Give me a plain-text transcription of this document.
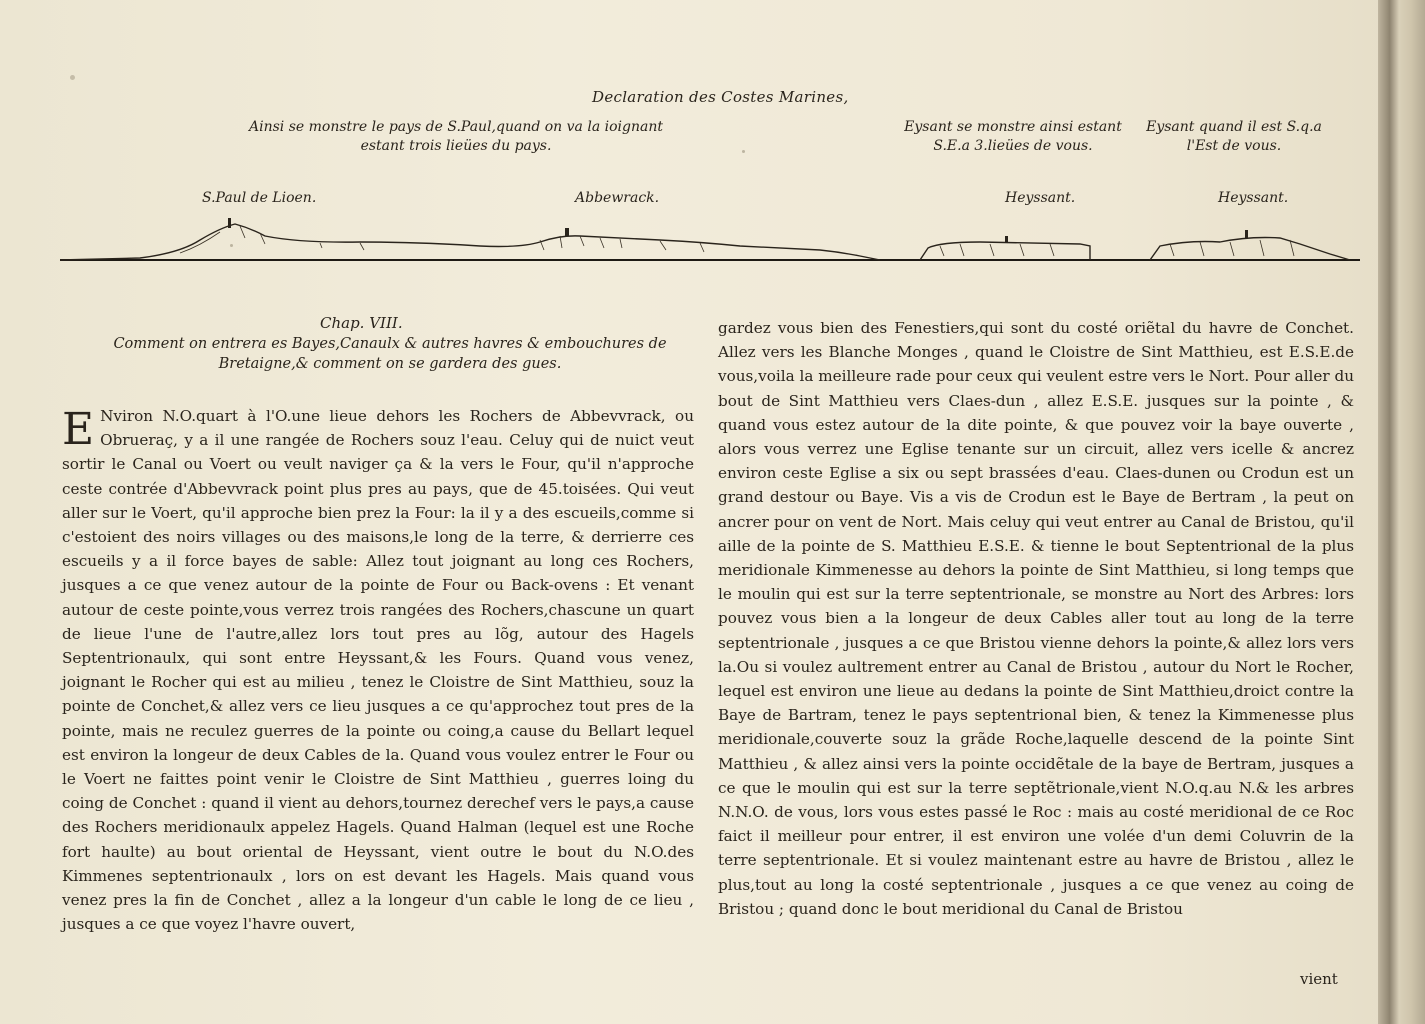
Declaration des Costes Marines,
Ainsi se monstre le pays de S.Paul,quand on va la ioignant estant trois lieües du pays.
Eysant se monstre ainsi estant S.E.a 3.lieües de vous.
Eysant quand il est S.q.a l'Est de vous.
S.Paul de Lioen.	Abbewrack.	Heyssant.	Heyssant.
Chap. VIII.
Comment on entrera es Bayes,Canaulx & autres havres & embouchures de Bretaigne,& comment on se gardera des gues.
E Nviron N.O.quart à l'O.une lieue dehors les Rochers de Abbevvrack, ou Obrueraç, y a il une rangée de Rochers souz l'eau. Celuy qui de nuict veut sortir le Canal ou Voert ou veult naviger ça & la vers le Four, qu'il n'approche ceste contrée d'Abbevvrack point plus pres au pays, que de 45.toisées. Qui veut aller sur le Voert, qu'il approche bien prez la Four: la il y a des escueils,comme si c'estoient des noirs villages ou des maisons,le long de la terre, & derrierre ces escueils y a il force bayes de sable: Allez tout joignant au long ces Rochers, jusques a ce que venez autour de la pointe de Four ou Back-ovens : Et venant autour de ceste pointe,vous verrez trois rangées des Rochers,chascune un quart de lieue l'une de l'autre,allez lors tout pres au lõg, autour des Hagels Septentrionaulx, qui sont entre Heyssant,& les Fours. Quand vous venez, joignant le Rocher qui est au milieu , tenez le Cloistre de Sint Matthieu, souz la pointe de Conchet,& allez vers ce lieu jusques a ce qu'approchez tout pres de la pointe, mais ne reculez guerres de la pointe ou coing,a cause du Bellart lequel est environ la longeur de deux Cables de la. Quand vous voulez entrer le Four ou le Voert ne faittes point venir le Cloistre de Sint Matthieu , guerres loing du coing de Conchet : quand il vient au dehors,tournez derechef vers le pays,a cause des Rochers meridionaulx appelez Hagels. Quand Halman (lequel est une Roche fort haulte) au bout oriental de Heyssant, vient outre le bout du N.O.des Kimmenes septentrionaulx , lors on est devant les Hagels. Mais quand vous venez pres la fin de Conchet , allez a la longeur d'un cable le long de ce lieu , jusques a ce que voyez l'havre ouvert,
gardez vous bien des Fenestiers,qui sont du costé oriẽtal du havre de Conchet. Allez vers les Blanche Monges , quand le Cloistre de Sint Matthieu, est E.S.E.de vous,voila la meilleure rade pour ceux qui veulent estre vers le Nort. Pour aller du bout de Sint Matthieu vers Claes-dun , allez E.S.E. jusques sur la pointe , & quand vous estez autour de la dite pointe, & que pouvez voir la baye ouverte , alors vous verrez une Eglise tenante sur un circuit, allez vers icelle & ancrez environ ceste Eglise a six ou sept brassées d'eau. Claes-dunen ou Crodun est un grand destour ou Baye. Vis a vis de Crodun est le Baye de Bertram , la peut on ancrer pour on vent de Nort. Mais celuy qui veut entrer au Canal de Bristou, qu'il aille de la pointe de S. Matthieu E.S.E. & tienne le bout Septentrional de la plus meridionale Kimmenesse au dehors la pointe de Sint Matthieu, si long temps que le moulin qui est sur la terre septentrionale, se monstre au Nort des Arbres: lors pouvez vous bien a la longeur de deux Cables aller tout au long de la terre septentrionale , jusques a ce que Bristou vienne dehors la pointe,& allez lors vers la.Ou si voulez aultrement entrer au Canal de Bristou , autour du Nort le Rocher, lequel est environ une lieue au dedans la pointe de Sint Matthieu,droict contre la Baye de Bartram, tenez le pays septentrional bien, & tenez la Kimmenesse plus meridionale,couverte souz la grãde Roche,laquelle descend de la pointe Sint Matthieu , & allez ainsi vers la pointe occidẽtale de la baye de Bertram, jusques a ce que le moulin qui est sur la terre septẽtrionale,vient N.O.q.au N.& les arbres N.N.O. de vous, lors vous estes passé le Roc : mais au costé meridional de ce Roc faict il meilleur pour entrer, il est environ une volée d'un demi Coluvrin de la terre septentrionale. Et si voulez maintenant estre au havre de Bristou , allez le plus,tout au long la costé septentrionale , jusques a ce que venez au coing de Bristou ; quand donc le bout meridional du Canal de Bristou
vient
